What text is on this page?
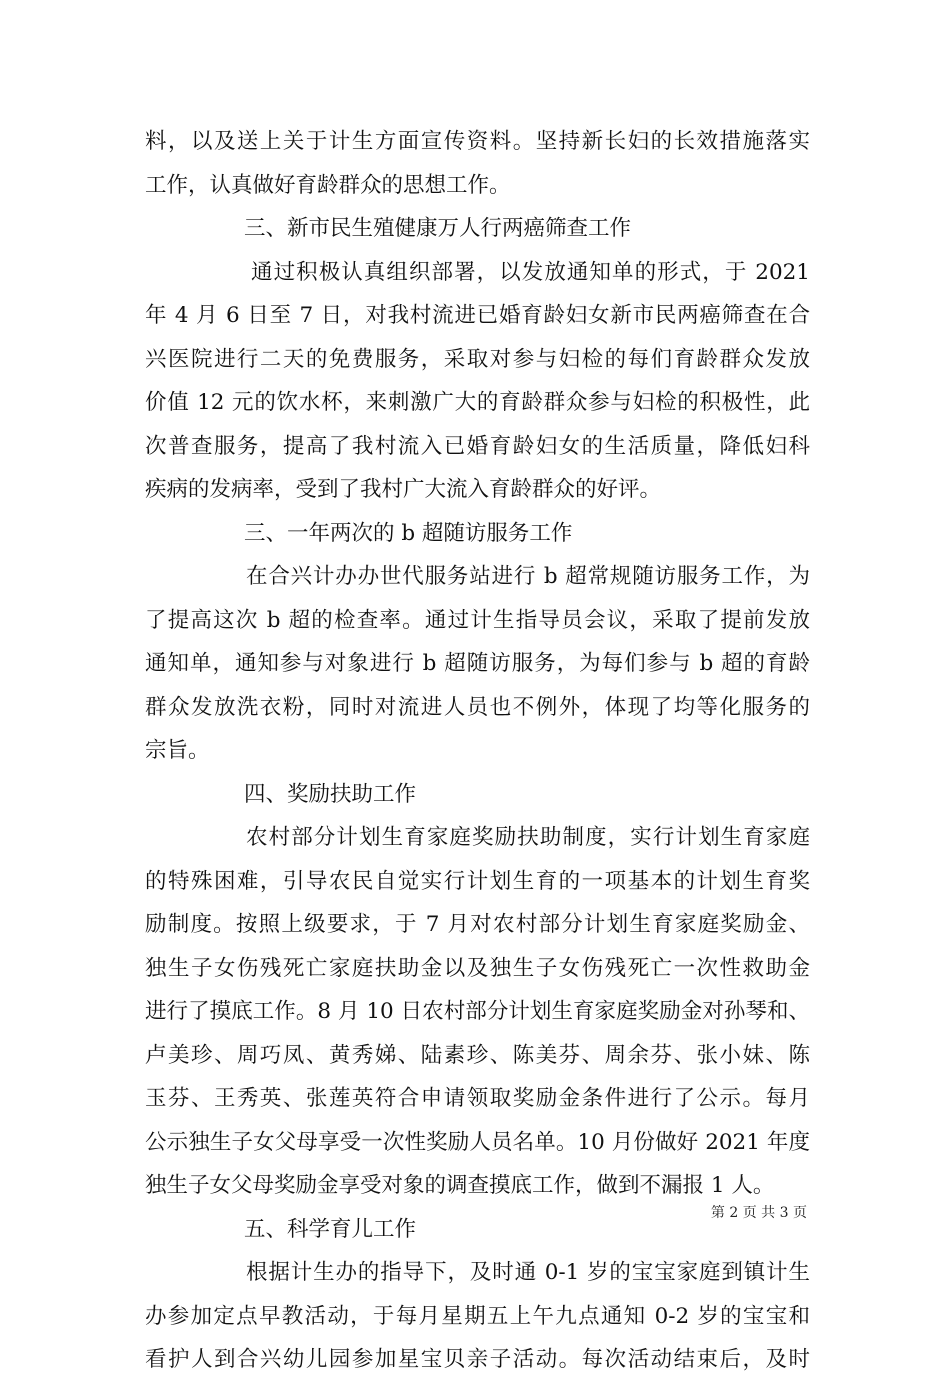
料，以及送上关于计生方面宣传资料。坚持新长妇的长效措施落实
工作，认真做好育龄群众的思想工作。
三、新市民生殖健康万人行两癌筛查工作
通过积极认真组织部署，以发放通知单的形式，于 2021
年 4 月 6 日至 7 日，对我村流进已婚育龄妇女新市民两癌筛查在合
兴医院进行二天的免费服务，采取对参与妇检的每们育龄群众发放
价值 12 元的饮水杯，来刺激广大的育龄群众参与妇检的积极性，此
次普查服务，提高了我村流入已婚育龄妇女的生活质量，降低妇科
疾病的发病率，受到了我村广大流入育龄群众的好评。
三、一年两次的 b 超随访服务工作
在合兴计办办世代服务站进行 b 超常规随访服务工作，为
了提高这次 b 超的检查率。通过计生指导员会议，采取了提前发放
通知单，通知参与对象进行 b 超随访服务，为每们参与 b 超的育龄
群众发放洗衣粉，同时对流进人员也不例外，体现了均等化服务的
宗旨。
四、奖励扶助工作
农村部分计划生育家庭奖励扶助制度，实行计划生育家庭
的特殊困难，引导农民自觉实行计划生育的一项基本的计划生育奖
励制度。按照上级要求，于 7 月对农村部分计划生育家庭奖励金、
独生子女伤残死亡家庭扶助金以及独生子女伤残死亡一次性救助金
进行了摸底工作。8 月 10 日农村部分计划生育家庭奖励金对孙琴和、
卢美珍、周巧凤、黄秀娣、陆素珍、陈美芬、周余芬、张小妹、陈
玉芬、王秀英、张莲英符合申请领取奖励金条件进行了公示。每月
公示独生子女父母享受一次性奖励人员名单。10 月份做好 2021 年度
独生子女父母奖励金享受对象的调查摸底工作，做到不漏报 1 人。
五、科学育儿工作
根据计生办的指导下，及时通 0-1 岁的宝宝家庭到镇计生
办参加定点早教活动，于每月星期五上午九点通知 0-2 岁的宝宝和
看护人到合兴幼儿园参加星宝贝亲子活动。每次活动结束后，及时
第 2 页 共 3 页
